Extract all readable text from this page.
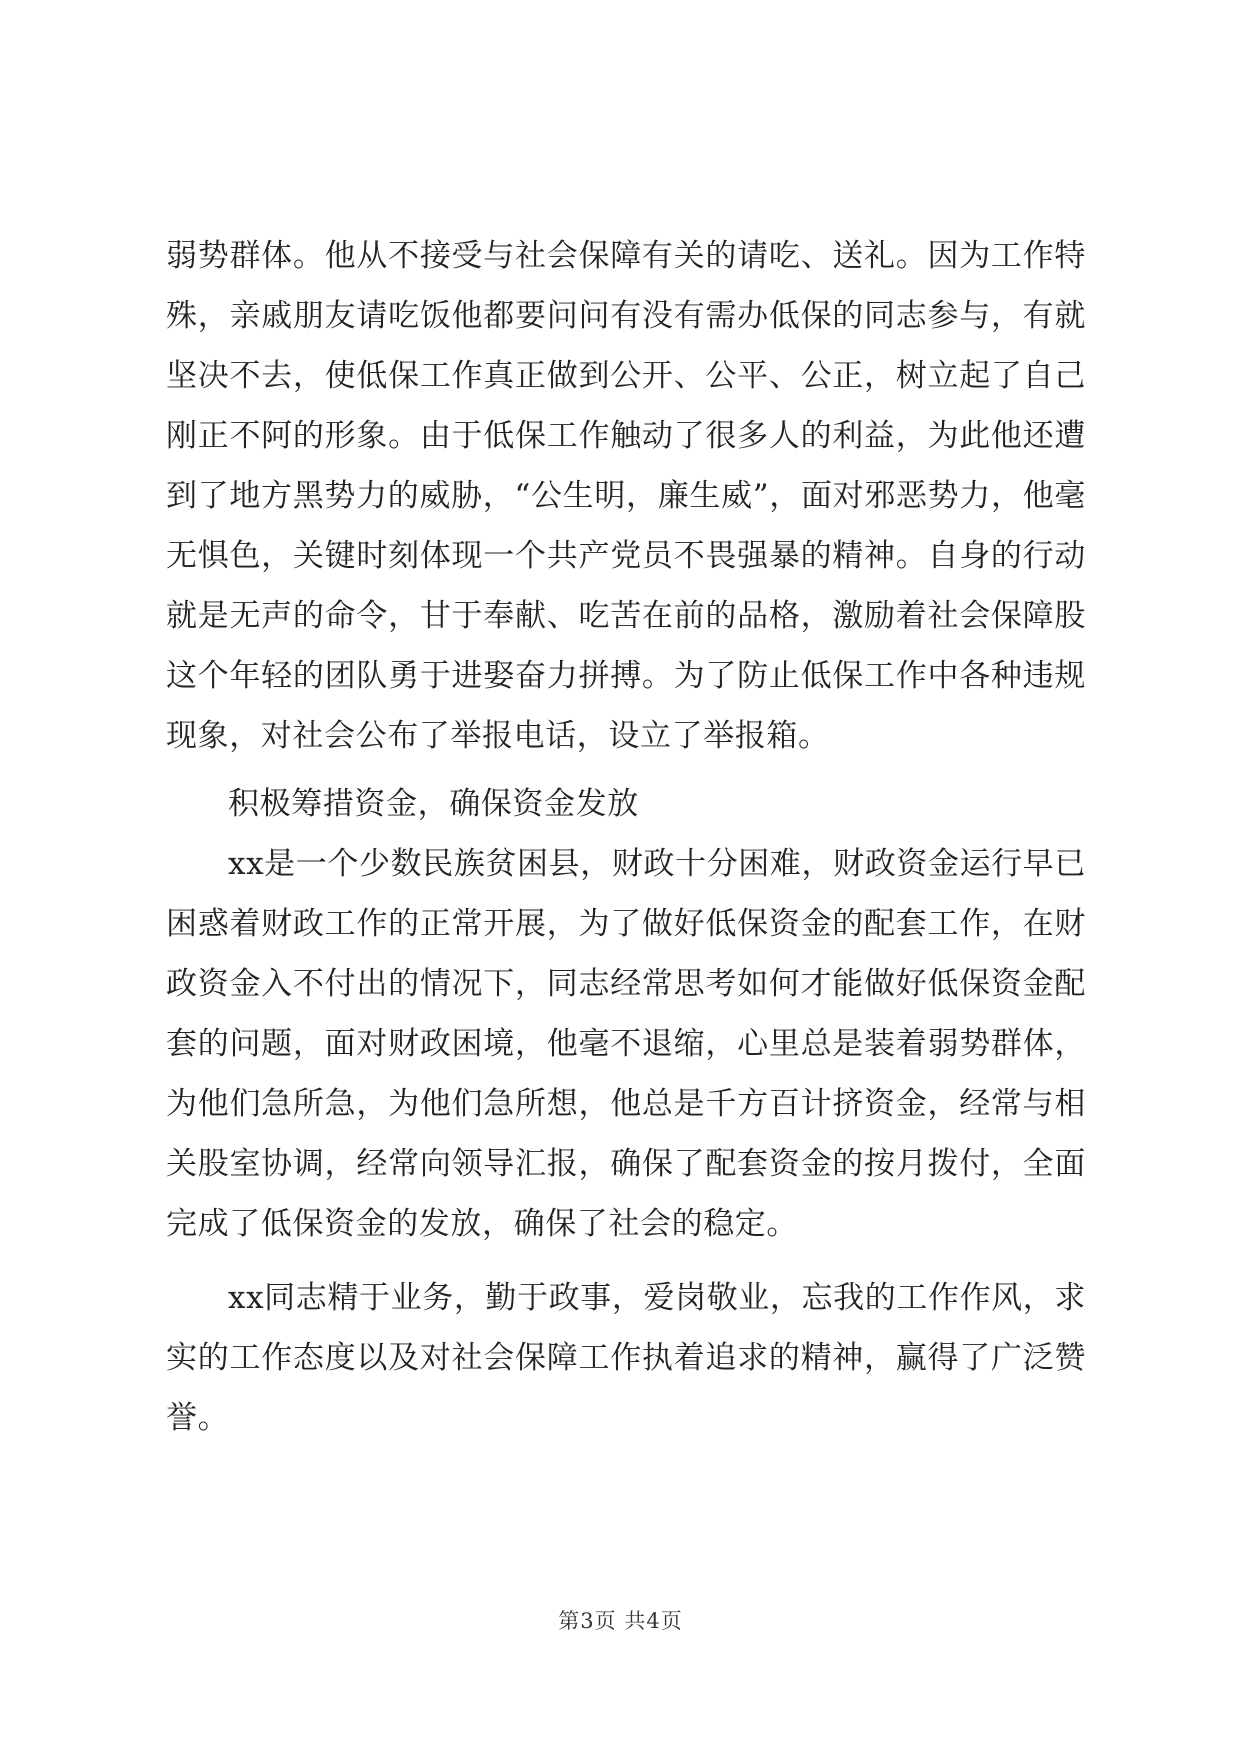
弱势群体。他从不接受与社会保障有关的请吃、送礼。因为工作特殊，亲戚朋友请吃饭他都要问问有没有需办低保的同志参与，有就坚决不去，使低保工作真正做到公开、公平、公正，树立起了自己刚正不阿的形象。由于低保工作触动了很多人的利益，为此他还遭到了地方黑势力的威胁，“公生明，廉生威”，面对邪恶势力，他毫无惧色，关键时刻体现一个共产党员不畏强暴的精神。自身的行动就是无声的命令，甘于奉献、吃苦在前的品格，激励着社会保障股这个年轻的团队勇于进娶奋力拼搏。为了防止低保工作中各种违规现象，对社会公布了举报电话，设立了举报箱。

积极筹措资金，确保资金发放

xx是一个少数民族贫困县，财政十分困难，财政资金运行早已困惑着财政工作的正常开展，为了做好低保资金的配套工作，在财政资金入不付出的情况下，同志经常思考如何才能做好低保资金配套的问题，面对财政困境，他毫不退缩，心里总是装着弱势群体，为他们急所急，为他们急所想，他总是千方百计挤资金，经常与相关股室协调，经常向领导汇报，确保了配套资金的按月拨付，全面完成了低保资金的发放，确保了社会的稳定。

xx同志精于业务，勤于政事，爱岗敬业，忘我的工作作风，求实的工作态度以及对社会保障工作执着追求的精神，赢得了广泛赞誉。

第3页 共4页
